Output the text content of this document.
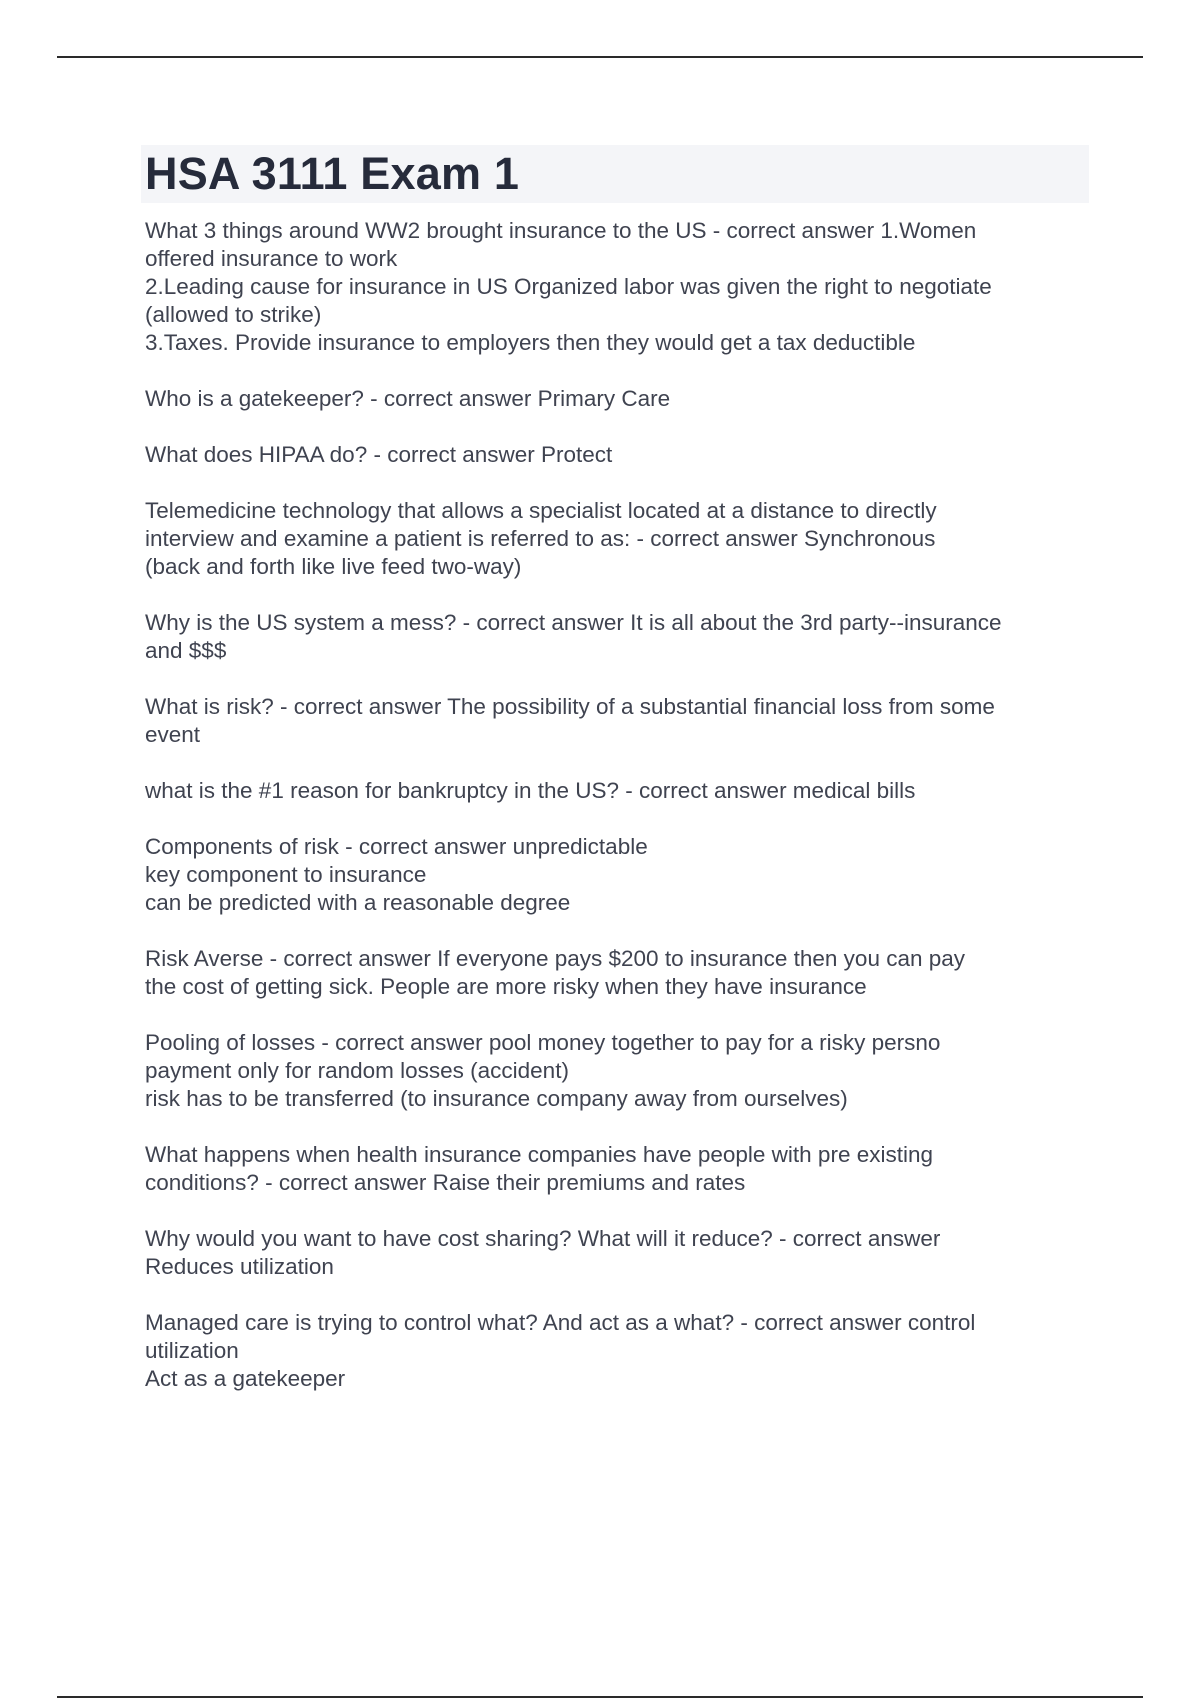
HSA 3111 Exam 1
What 3 things around WW2 brought insurance to the US - correct answer 1.Women
offered insurance to work
2.Leading cause for insurance in US Organized labor was given the right to negotiate
(allowed to strike)
3.Taxes. Provide insurance to employers then they would get a tax deductible
Who is a gatekeeper? - correct answer Primary Care
What does HIPAA do? - correct answer Protect
Telemedicine technology that allows a specialist located at a distance to directly
interview and examine a patient is referred to as: - correct answer Synchronous
(back and forth like live feed two-way)
Why is the US system a mess? - correct answer It is all about the 3rd party--insurance
and $$$
What is risk? - correct answer The possibility of a substantial financial loss from some
event
what is the #1 reason for bankruptcy in the US? - correct answer medical bills
Components of risk - correct answer unpredictable
key component to insurance
can be predicted with a reasonable degree
Risk Averse - correct answer If everyone pays $200 to insurance then you can pay
the cost of getting sick. People are more risky when they have insurance
Pooling of losses - correct answer pool money together to pay for a risky persno
payment only for random losses (accident)
risk has to be transferred (to insurance company away from ourselves)
What happens when health insurance companies have people with pre existing
conditions? - correct answer Raise their premiums and rates
Why would you want to have cost sharing? What will it reduce? - correct answer
Reduces utilization
Managed care is trying to control what? And act as a what? - correct answer control
utilization
Act as a gatekeeper
